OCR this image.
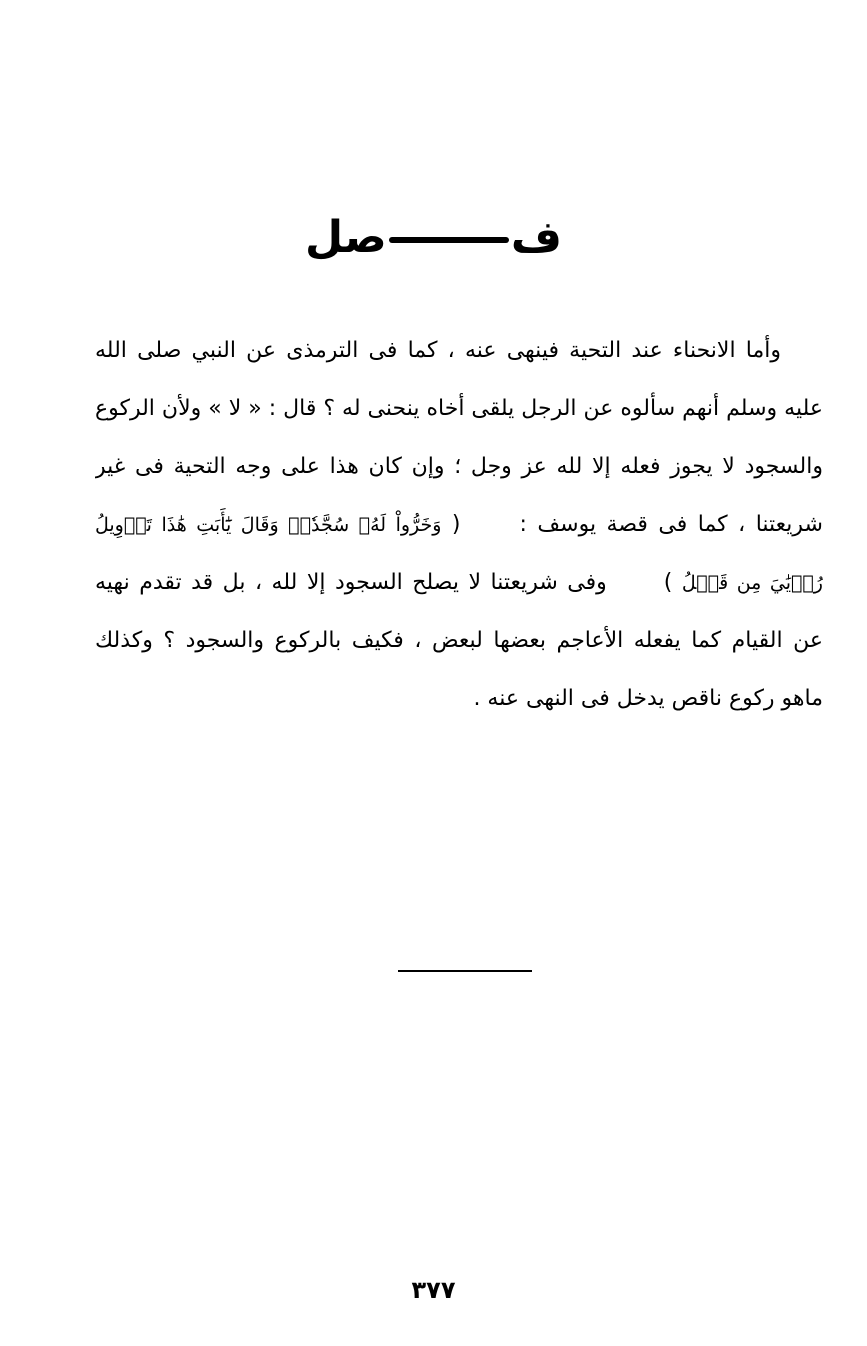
فصل
وأما الانحناء عند التحية فينهى عنه ، كما فى الترمذى عن النبي صلى الله
عليه وسلم أنهم سألوه عن الرجل يلقى أخاه ينحنى له ؟ قال : « لا » ولأن الركوع
والسجود لا يجوز فعله إلا لله عز وجل ؛ وإن كان هذا على وجه التحية فى غير
شريعتنا ، كما فى قصة يوسف :  ( وَخَرُّواْ لَهُۥ سُجَّدٗاۖ وَقَالَ يَٰٓأَبَتِ هَٰذَا تَأۡوِيلُ
رُءۡيَٰيَ مِن قَبۡلُ )  وفى شريعتنا لا يصلح السجود إلا لله ، بل قد تقدم نهيه
عن القيام كما يفعله الأعاجم بعضها لبعض ، فكيف بالركوع والسجود ؟ وكذلك
ماهو ركوع ناقص يدخل فى النهى عنه .
٣٧٧
